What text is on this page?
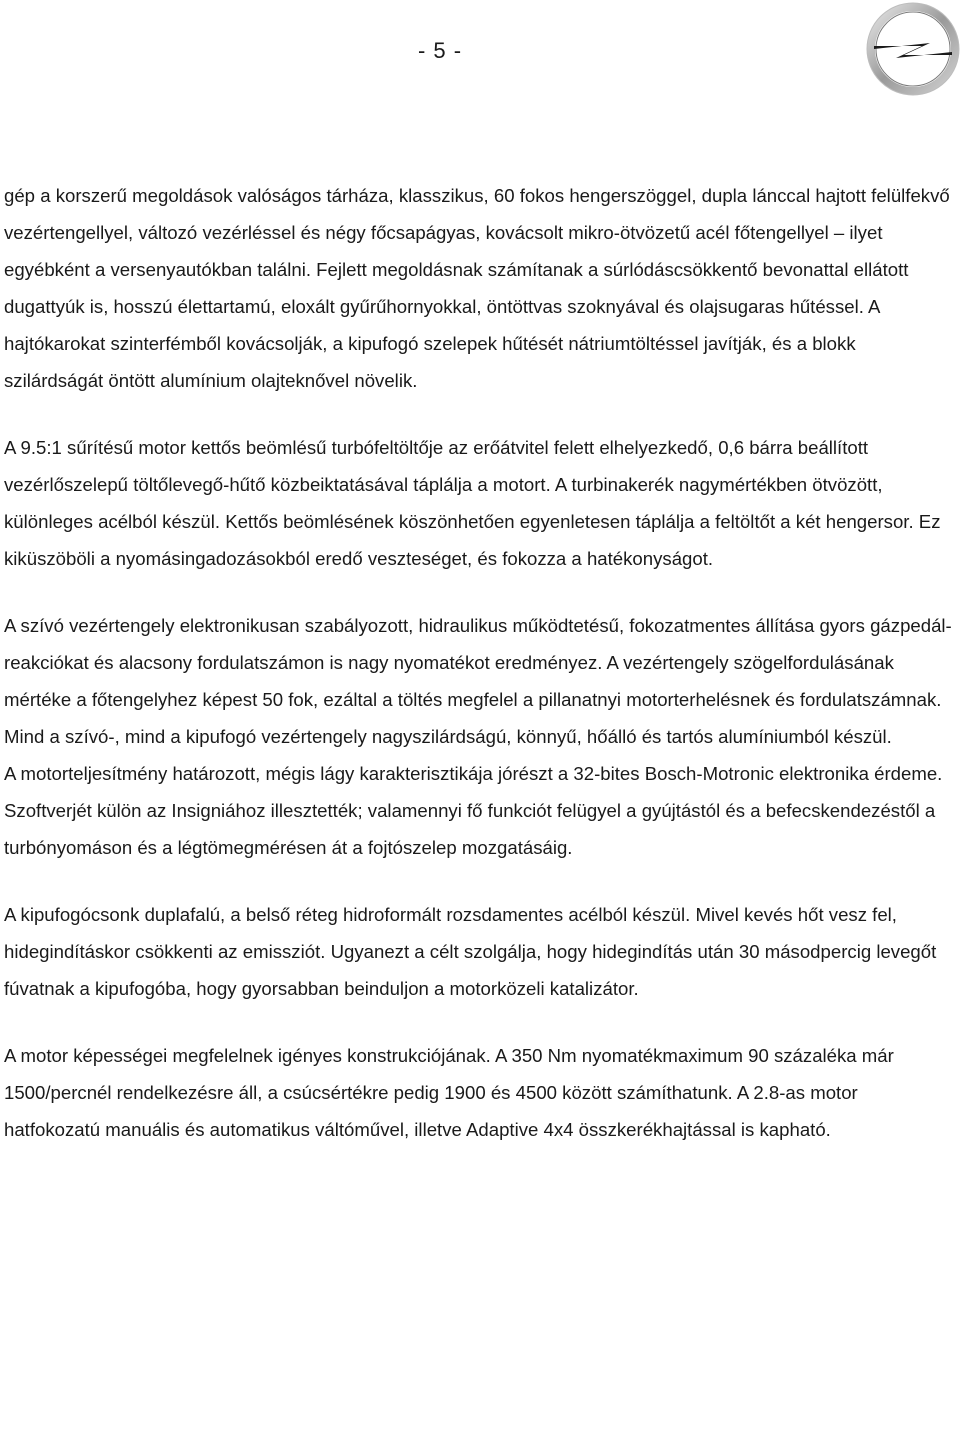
- 5 -

gép a korszerű megoldások valóságos tárháza, klasszikus, 60 fokos hengerszöggel, dupla lánccal hajtott felülfekvő vezértengellyel, változó vezérléssel és négy főcsapágyas, kovácsolt mikro-ötvözetű acél főtengellyel – ilyet egyébként a versenyautókban találni. Fejlett megoldásnak számítanak a súrlódáscsökkentő bevonattal ellátott dugattyúk is, hosszú élettartamú, eloxált gyűrűhornyokkal, öntöttvas szoknyával és olajsugaras hűtéssel. A hajtókarokat szinterfémből kovácsolják, a kipufogó szelepek hűtését nátriumtöltéssel javítják, és a blokk szilárdságát öntött alumínium olajteknővel növelik.

A 9.5:1 sűrítésű motor kettős beömlésű turbófeltöltője az erőátvitel felett elhelyezkedő, 0,6 bárra beállított vezérlőszelepű töltőlevegő-hűtő közbeiktatásával táplálja a motort. A turbinakerék nagymértékben ötvözött, különleges acélból készül. Kettős beömlésének köszönhetően egyenletesen táplálja a feltöltőt a két hengersor. Ez kiküszöböli a nyomásingadozásokból eredő veszteséget, és fokozza a hatékonyságot.

A szívó vezértengely elektronikusan szabályozott, hidraulikus működtetésű, fokozatmentes állítása gyors gázpedál-reakciókat és alacsony fordulatszámon is nagy nyomatékot eredményez. A vezértengely szögelfordulásának mértéke a főtengelyhez képest 50 fok, ezáltal a töltés megfelel a pillanatnyi motorterhelésnek és fordulatszámnak. Mind a szívó-, mind a kipufogó vezértengely nagyszilárdságú, könnyű, hőálló és tartós alumíniumból készül.

A motorteljesítmény határozott, mégis lágy karakterisztikája jórészt a 32-bites Bosch-Motronic elektronika érdeme. Szoftverjét külön az Insigniához illesztették; valamennyi fő funkciót felügyel a gyújtástól és a befecskendezéstől a turbónyomáson és a légtömegmérésen át a fojtószelep mozgatásáig.

A kipufogócsonk duplafalú, a belső réteg hidroformált rozsdamentes acélból készül. Mivel kevés hőt vesz fel, hidegindításkor csökkenti az emissziót. Ugyanezt a célt szolgálja, hogy hidegindítás után 30 másodpercig levegőt fúvatnak a kipufogóba, hogy gyorsabban beinduljon a motorközeli katalizátor.

A motor képességei megfelelnek igényes konstrukciójának. A 350 Nm nyomatékmaximum 90 százaléka már 1500/percnél rendelkezésre áll, a csúcsértékre pedig 1900 és 4500 között számíthatunk. A 2.8-as motor hatfokozatú manuális és automatikus váltóművel, illetve Adaptive 4x4 összkerékhajtással is kapható.
